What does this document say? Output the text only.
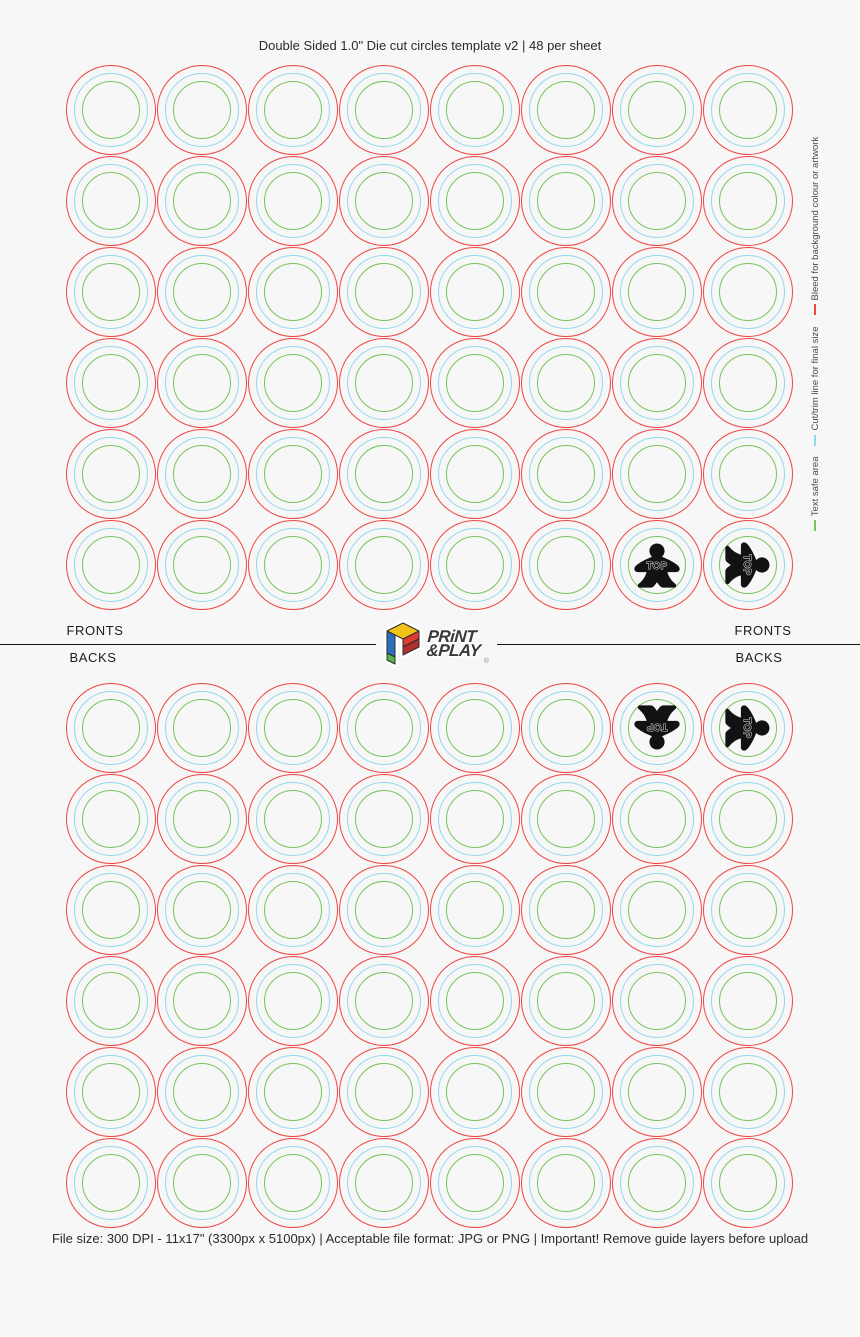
Double Sided 1.0" Die cut circles template v2 | 48 per sheet
TOP	TOP
Text safe area
Cut/trim line for final size
Bleed for background colour or artwork
FRONTS
BACKS
FRONTS
BACKS
PRiNT
&PLAY
®
TOP	TOP
File size: 300 DPI - 11x17" (3300px x 5100px) | Acceptable file format: JPG or PNG | Important! Remove guide layers before upload
